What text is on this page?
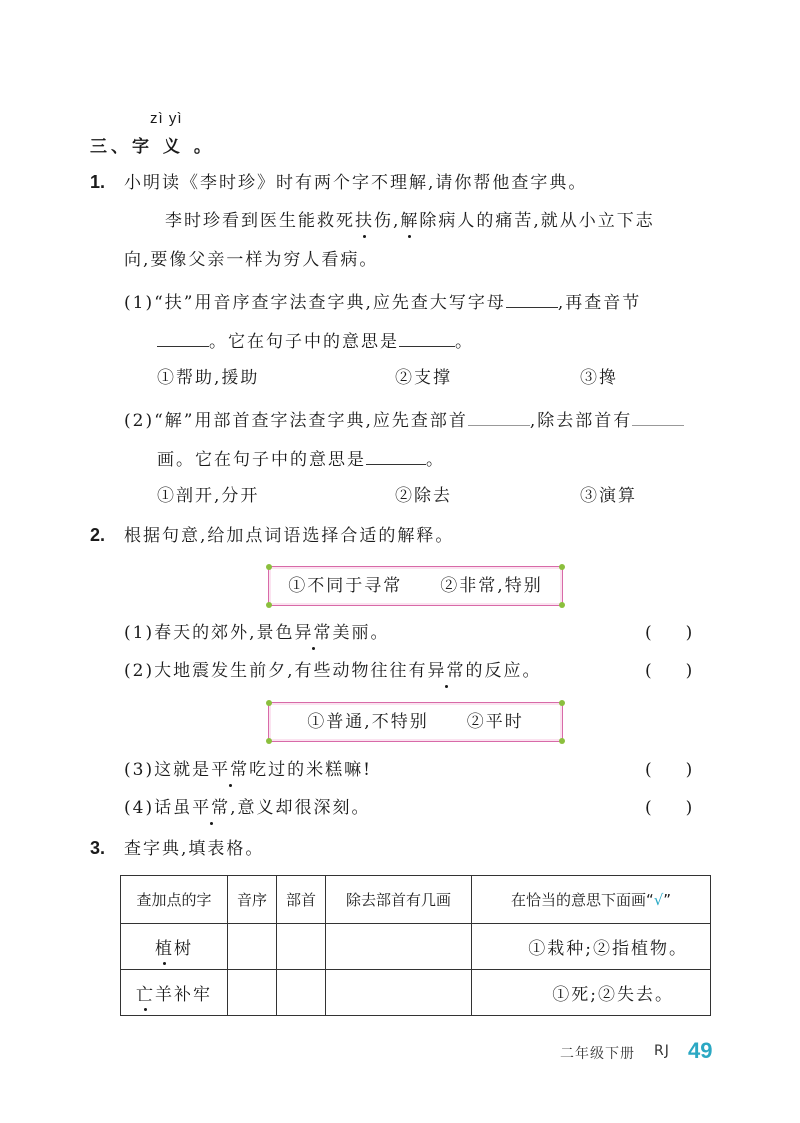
zì yì
三、字 义 。
1. 小明读《李时珍》时有两个字不理解,请你帮他查字典。
李时珍看到医生能救死扶伤,解除病人的痛苦,就从小立下志
向,要像父亲一样为穷人看病。
(1)“扶”用音序查字法查字典,应先查大写字母	,再查音节
。它在句子中的意思是	。
①帮助,援助	②支撑	③搀
(2)“解”用部首查字法查字典,应先查部首	,除去部首有
画。它在句子中的意思是	。
①剖开,分开	②除去	③演算
2. 根据句意,给加点词语选择合适的解释。
①不同于寻常　　②非常,特别
(1)春天的郊外,景色异常美丽。	(　　)
(2)大地震发生前夕,有些动物往往有异常的反应。	(　　)
①普通,不特别　　②平时
(3)这就是平常吃过的米糕嘛!	(　　)
(4)话虽平常,意义却很深刻。	(　　)
3. 查字典,填表格。
查加点的字	音序	部首	除去部首有几画	在恰当的意思下面画“√”
植树				①栽种;②指植物。
亡羊补牢				①死;②失去。
二年级下册 RJ 49
